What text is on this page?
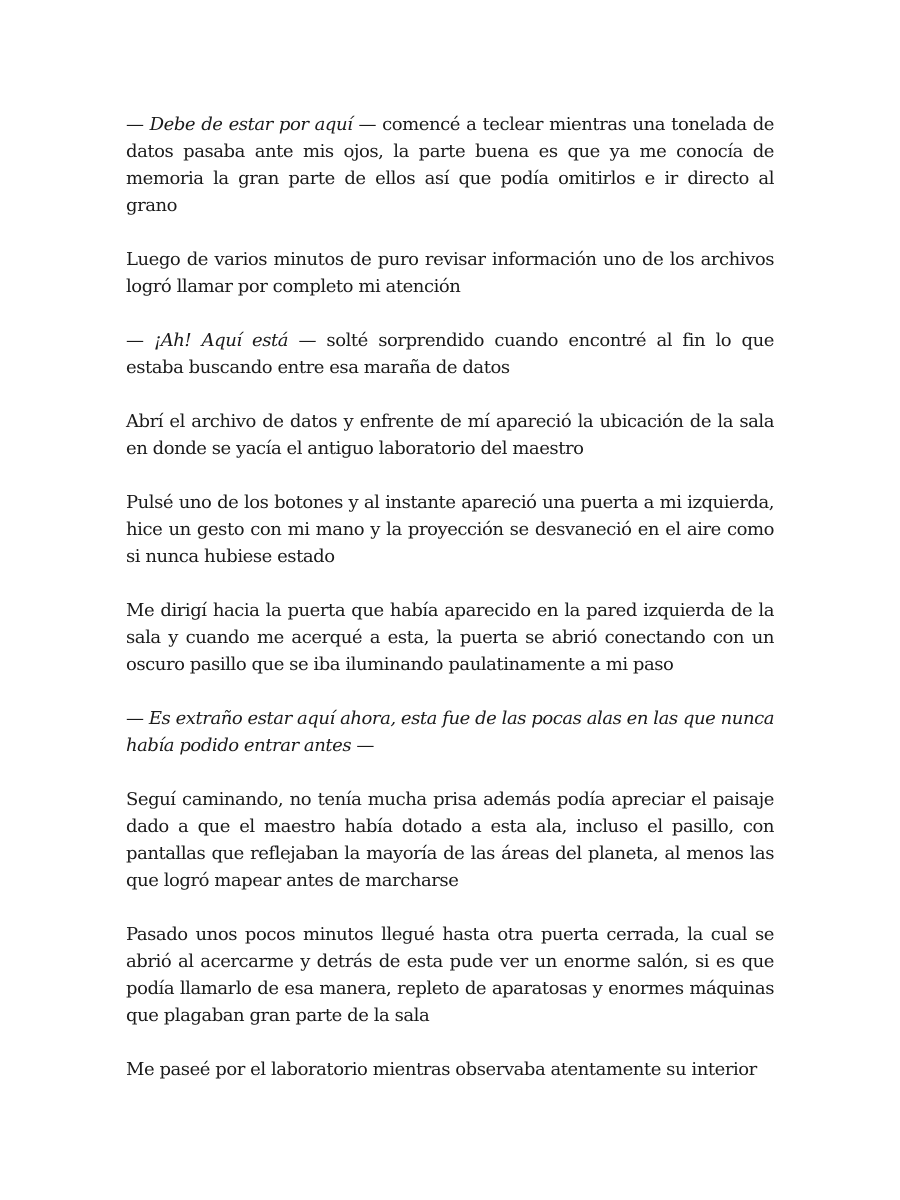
— Debe de estar por aquí — comencé a teclear mientras una tonelada de datos pasaba ante mis ojos, la parte buena es que ya me conocía de memoria la gran parte de ellos así que podía omitirlos e ir directo al grano

Luego de varios minutos de puro revisar información uno de los archivos logró llamar por completo mi atención

— ¡Ah! Aquí está — solté sorprendido cuando encontré al fin lo que estaba buscando entre esa maraña de datos

Abrí el archivo de datos y enfrente de mí apareció la ubicación de la sala en donde se yacía el antiguo laboratorio del maestro

Pulsé uno de los botones y al instante apareció una puerta a mi izquierda, hice un gesto con mi mano y la proyección se desvaneció en el aire como si nunca hubiese estado

Me dirigí hacia la puerta que había aparecido en la pared izquierda de la sala y cuando me acerqué a esta, la puerta se abrió conectando con un oscuro pasillo que se iba iluminando paulatinamente a mi paso

— Es extraño estar aquí ahora, esta fue de las pocas alas en las que nunca había podido entrar antes —

Seguí caminando, no tenía mucha prisa además podía apreciar el paisaje dado a que el maestro había dotado a esta ala, incluso el pasillo, con pantallas que reflejaban la mayoría de las áreas del planeta, al menos las que logró mapear antes de marcharse

Pasado unos pocos minutos llegué hasta otra puerta cerrada, la cual se abrió al acercarme y detrás de esta pude ver un enorme salón, si es que podía llamarlo de esa manera, repleto de aparatosas y enormes máquinas que plagaban gran parte de la sala

Me paseé por el laboratorio mientras observaba atentamente su interior
